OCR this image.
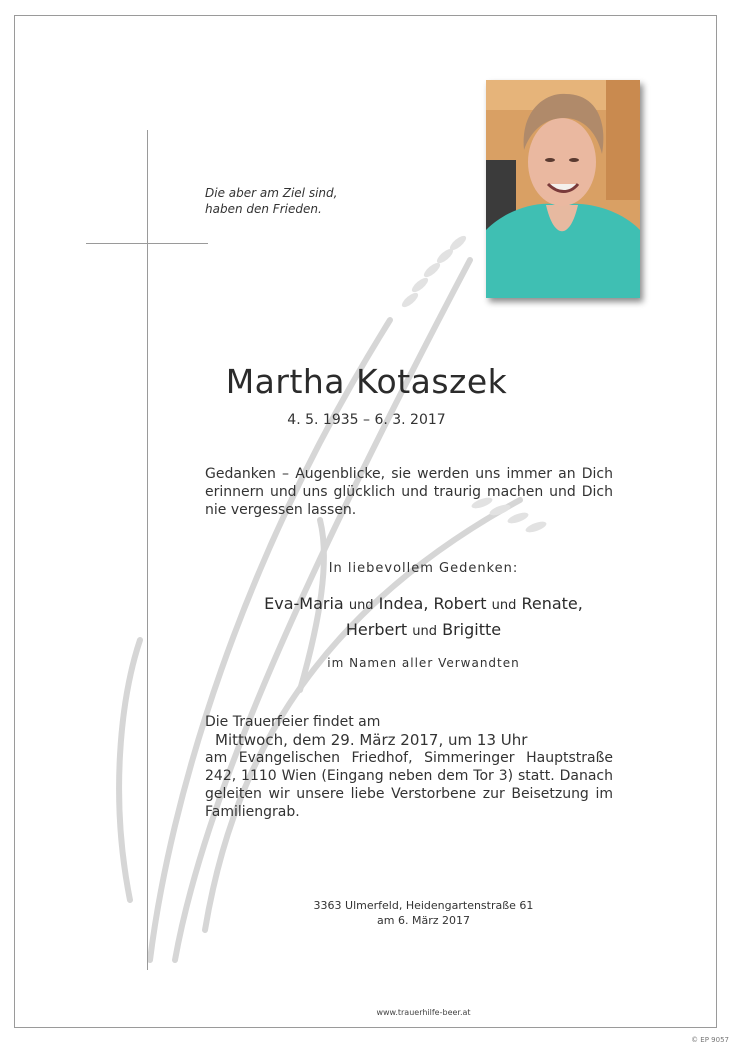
Die aber am Ziel sind,
haben den Frieden.
Martha Kotaszek
4. 5. 1935 – 6. 3. 2017
Gedanken – Augenblicke, sie werden uns immer an Dich erinnern und uns glücklich und traurig machen und Dich nie vergessen lassen.
In liebevollem Gedenken:
Eva-Maria und Indea, Robert und Renate,
Herbert und Brigitte
im Namen aller Verwandten
Die Trauerfeier findet am
Mittwoch, dem 29. März 2017, um 13 Uhr
am Evangelischen Friedhof, Simmeringer Hauptstraße 242, 1110 Wien (Eingang neben dem Tor 3) statt. Danach geleiten wir unsere liebe Verstorbene zur Beisetzung im Familiengrab.
3363 Ulmerfeld, Heidengartenstraße 61
am 6. März 2017
www.trauerhilfe-beer.at
© EP 9057
